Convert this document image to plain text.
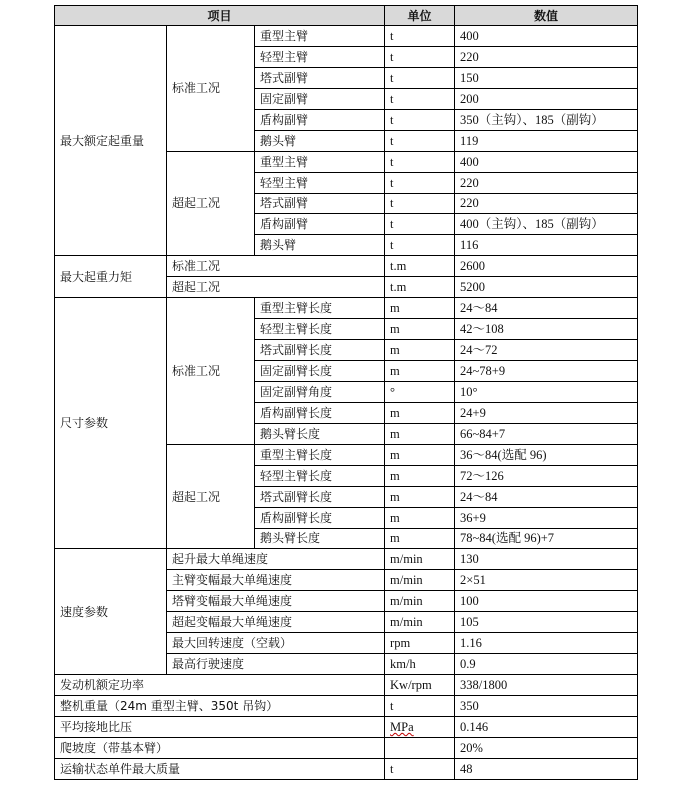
项目			单位	数值
最大额定起重量	标准工况	重型主臂	t	400
		轻型主臂	t	220
		塔式副臂	t	150
		固定副臂	t	200
		盾构副臂	t	350（主钩）、185（副钩）
		鹅头臂	t	119
	超起工况	重型主臂	t	400
		轻型主臂	t	220
		塔式副臂	t	220
		盾构副臂	t	400（主钩）、185（副钩）
		鹅头臂	t	116
最大起重力矩	标准工况		t.m	2600
	超起工况		t.m	5200
尺寸参数	标准工况	重型主臂长度	m	24～84
		轻型主臂长度	m	42～108
		塔式副臂长度	m	24～72
		固定副臂长度	m	24~78+9
		固定副臂角度	°	10°
		盾构副臂长度	m	24+9
		鹅头臂长度	m	66~84+7
	超起工况	重型主臂长度	m	36～84(选配 96)
		轻型主臂长度	m	72～126
		塔式副臂长度	m	24～84
		盾构副臂长度	m	36+9
		鹅头臂长度	m	78~84(选配 96)+7
速度参数	起升最大单绳速度		m/min	130
	主臂变幅最大单绳速度		m/min	2×51
	塔臂变幅最大单绳速度		m/min	100
	超起变幅最大单绳速度		m/min	105
	最大回转速度（空载）		rpm	1.16
	最高行驶速度		km/h	0.9
发动机额定功率			Kw/rpm	338/1800
整机重量（24m 重型主臂、350t 吊钩）			t	350
平均接地比压			MPa	0.146
爬坡度（带基本臂）				20%
运输状态单件最大质量			t	48
